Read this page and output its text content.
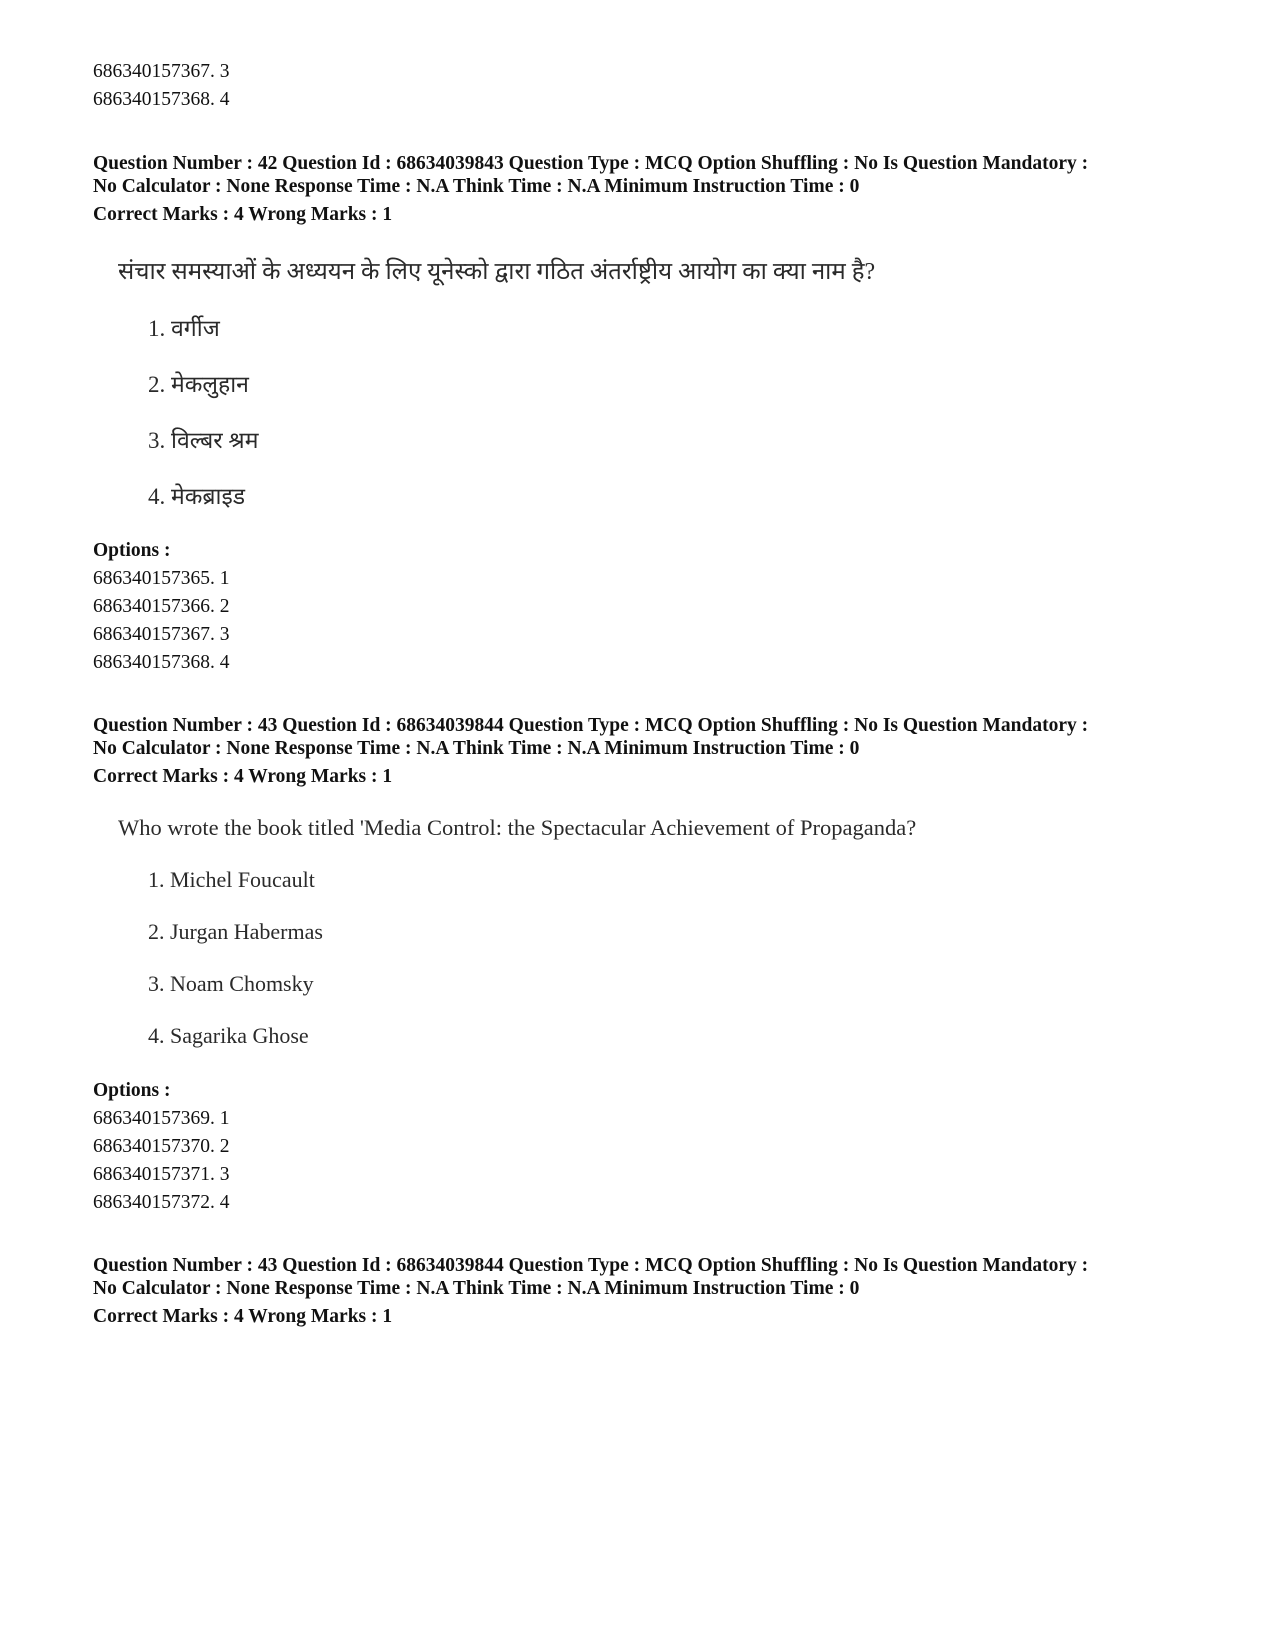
686340157367. 3
686340157368. 4
Question Number : 42 Question Id : 68634039843 Question Type : MCQ Option Shuffling : No Is Question Mandatory :
No Calculator : None Response Time : N.A Think Time : N.A Minimum Instruction Time : 0
Correct Marks : 4 Wrong Marks : 1
संचार समस्याओं के अध्ययन के लिए यूनेस्को द्वारा गठित अंतर्राष्ट्रीय आयोग का क्या नाम है?
1. वर्गीज
2. मेकलुहान
3. विल्बर श्रम
4. मेकब्राइड
Options :
686340157365. 1
686340157366. 2
686340157367. 3
686340157368. 4
Question Number : 43 Question Id : 68634039844 Question Type : MCQ Option Shuffling : No Is Question Mandatory :
No Calculator : None Response Time : N.A Think Time : N.A Minimum Instruction Time : 0
Correct Marks : 4 Wrong Marks : 1
Who wrote the book titled 'Media Control: the Spectacular Achievement of Propaganda?
1. Michel Foucault
2. Jurgan Habermas
3. Noam Chomsky
4. Sagarika Ghose
Options :
686340157369. 1
686340157370. 2
686340157371. 3
686340157372. 4
Question Number : 43 Question Id : 68634039844 Question Type : MCQ Option Shuffling : No Is Question Mandatory :
No Calculator : None Response Time : N.A Think Time : N.A Minimum Instruction Time : 0
Correct Marks : 4 Wrong Marks : 1
